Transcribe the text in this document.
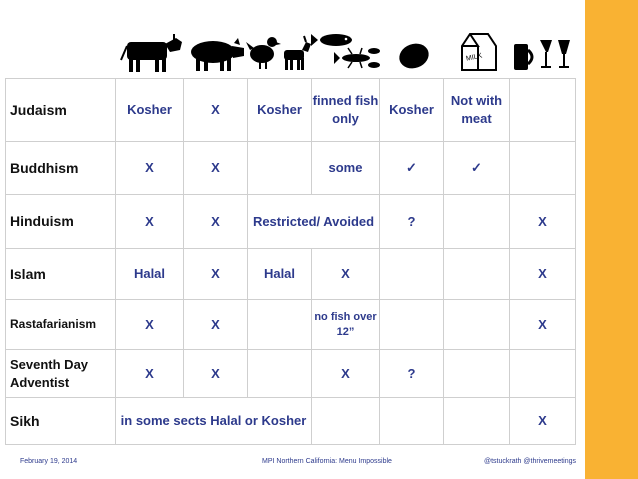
MILK
Judaism	Kosher	X	Kosher	finned fish only	Kosher	Not with meat	
Buddhism	X	X		some	✓	✓	
Hinduism	X	X	Restricted/ Avoided		?		X
Islam	Halal	X	Halal	X			X
Rastafarianism	X	X		no fish over 12”			X
Seventh Day Adventist	X	X		X	?		
Sikh	in some sects Halal or Kosher						X
February 19, 2014	MPI Northern California: Menu Impossible	@tstuckrath @thrivemeetings
